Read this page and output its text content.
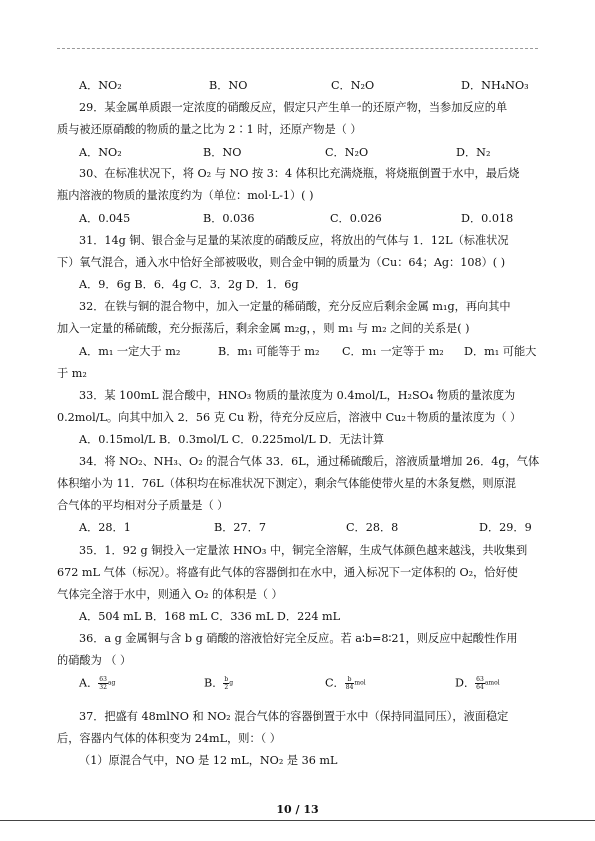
A．NO₂	B．NO	C．N₂O	D．NH₄NO₃
29．某金属单质跟一定浓度的硝酸反应，假定只产生单一的还原产物，当参加反应的单
质与被还原硝酸的物质的量之比为 2∶1 时，还原产物是（ ）
A．NO₂	B．NO	C．N₂O	D．N₂
30、在标准状况下，将 O₂ 与 NO 按 3：4 体积比充满烧瓶，将烧瓶倒置于水中，最后烧
瓶内溶液的物质的量浓度约为（单位：mol·L-1）( )
A．0.045	B．0.036	C．0.026	D．0.018
31．14g 铜、银合金与足量的某浓度的硝酸反应，将放出的气体与 1．12L（标准状况
下）氧气混合，通入水中恰好全部被吸收，则合金中铜的质量为（Cu：64；Ag：108）( )
A．9．6g B．6．4g C．3．2g D．1．6g
32．在铁与铜的混合物中，加入一定量的稀硝酸，充分反应后剩余金属 m₁g，再向其中
加入一定量的稀硫酸，充分振荡后，剩余金属 m₂g，，则 m₁ 与 m₂ 之间的关系是( )
A．m₁ 一定大于 m₂	B．m₁ 可能等于 m₂ C．m₁ 一定等于 m₂ D．m₁ 可能大
于 m₂
33．某 100mL 混合酸中，HNO₃ 物质的量浓度为 0.4mol/L，H₂SO₄ 物质的量浓度为
0.2mol/L。向其中加入 2．56 克 Cu 粉，待充分反应后，溶液中 Cu₂＋物质的量浓度为（ ）
A．0.15mol/L B．0.3mol/L C．0.225mol/L D．无法计算
34．将 NO₂、NH₃、O₂ 的混合气体 33．6L，通过稀硫酸后，溶液质量增加 26．4g，气体
体积缩小为 11．76L（体积均在标准状况下测定），剩余气体能使带火星的木条复燃，则原混
合气体的平均相对分子质量是（ ）
A．28．1	B．27．7	C．28．8	D．29．9
35．1．92 g 铜投入一定量浓 HNO₃ 中，铜完全溶解，生成气体颜色越来越浅，共收集到
672 mL 气体（标况）。将盛有此气体的容器倒扣在水中，通入标况下一定体积的 O₂，恰好使
气体完全溶于水中，则通入 O₂ 的体积是（ ）
A．504 mL B．168 mL C．336 mL D．224 mL
36．a g 金属铜与含 b g 硝酸的溶液恰好完全反应。若 a∶b=8∶21，则反应中起酸性作用
的硝酸为 （ ）
A． $\frac{63}{32}$ ag	B． $\frac{b}{2}$ g	C． $\frac{b}{84}$ mol	D． $\frac{63}{64}$ amol
37．把盛有 48mlNO 和 NO₂ 混合气体的容器倒置于水中（保持同温同压），液面稳定
后，容器内气体的体积变为 24mL，则：（ ）
（1）原混合气中，NO 是 12 mL，NO₂ 是 36 mL
10 / 13
